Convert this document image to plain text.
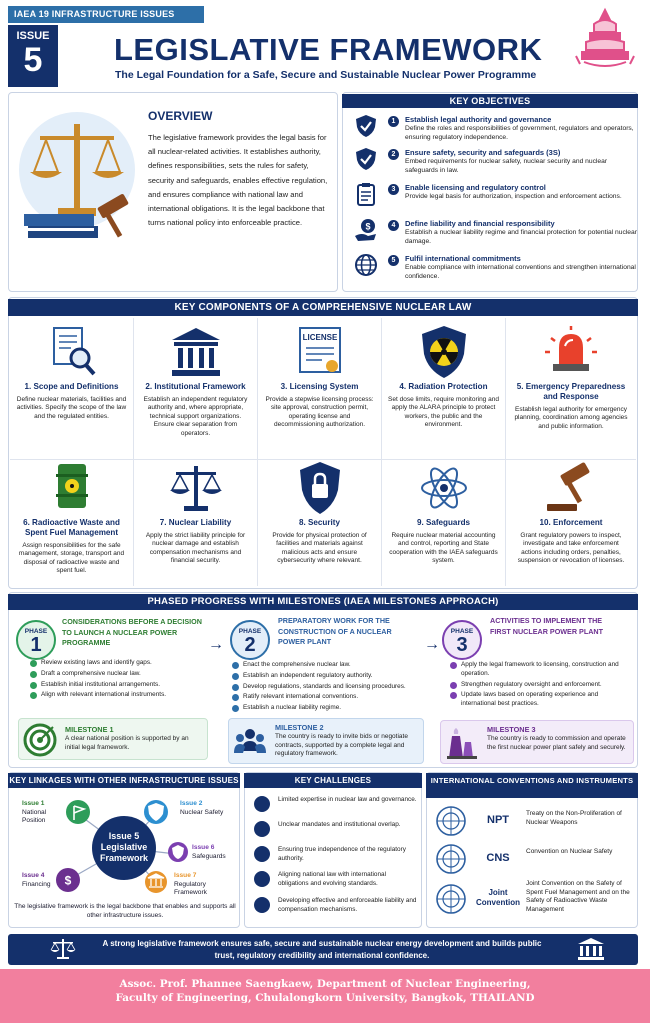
IAEA 19 INFRASTRUCTURE ISSUES
ISSUE
5	LEGISLATIVE FRAMEWORK
The Legal Foundation for a Safe, Secure and Sustainable Nuclear Power Programme
OVERVIEW
The legislative framework provides the legal basis for all nuclear-related activities. It establishes authority, defines responsibilities, sets the rules for safety, security and safeguards, enables effective regulation, and ensures compliance with national law and international obligations. It is the legal backbone that turns national policy into enforceable practice.
KEY OBJECTIVES
1	Establish legal authority and governance
Define the roles and responsibilities of government, regulators and operators, ensuring regulatory independence.
2	Ensure safety, security and safeguards (3S)
Embed requirements for nuclear safety, nuclear security and nuclear safeguards in law.
3	Enable licensing and regulatory control
Provide legal basis for authorization, inspection and enforcement actions.
$	4	Define liability and financial responsibility
Establish a nuclear liability regime and financial protection for potential nuclear damage.
5	Fulfil international commitments
Enable compliance with international conventions and strengthen international confidence.
KEY COMPONENTS OF A COMPREHENSIVE NUCLEAR LAW
1. Scope and Definitions
Define nuclear materials, facilities and activities. Specify the scope of the law and the regulated entities.
2. Institutional Framework
Establish an independent regulatory authority and, where appropriate, technical support organizations. Ensure clear separation from operators.
LICENSE
3. Licensing System
Provide a stepwise licensing process: site approval, construction permit, operating license and decommissioning authorization.
4. Radiation Protection
Set dose limits, require monitoring and apply the ALARA principle to protect workers, the public and the environment.
5. Emergency Preparedness and Response
Establish legal authority for emergency planning, coordination among agencies and public information.
6. Radioactive Waste and Spent Fuel Management
Assign responsibilities for the safe management, storage, transport and disposal of radioactive waste and spent fuel.
7. Nuclear Liability
Apply the strict liability principle for nuclear damage and establish compensation mechanisms and financial security.
8. Security
Provide for physical protection of facilities and materials against malicious acts and ensure cybersecurity where relevant.
9. Safeguards
Require nuclear material accounting and control, reporting and State cooperation with the IAEA safeguards system.
10. Enforcement
Grant regulatory powers to inspect, investigate and take enforcement actions including orders, penalties, suspension or revocation of licenses.
PHASED PROGRESS WITH MILESTONES (IAEA MILESTONES APPROACH)
PHASE
1
CONSIDERATIONS BEFORE A DECISION TO LAUNCH A NUCLEAR POWER PROGRAMME
Review existing laws and identify gaps.
Draft a comprehensive nuclear law.
Establish initial institutional arrangements.
Align with relevant international instruments.
MILESTONE 1
A clear national position is supported by an initial legal framework.
→
PHASE
2
PREPARATORY WORK FOR THE CONSTRUCTION OF A NUCLEAR POWER PLANT
Enact the comprehensive nuclear law.
Establish an independent regulatory authority.
Develop regulations, standards and licensing procedures.
Ratify relevant international conventions.
Establish a nuclear liability regime.
MILESTONE 2
The country is ready to invite bids or negotiate contracts, supported by a complete legal and regulatory framework.
→
PHASE
3
ACTIVITIES TO IMPLEMENT THE FIRST NUCLEAR POWER PLANT
Apply the legal framework to licensing, construction and operation.
Strengthen regulatory oversight and enforcement.
Update laws based on operating experience and international best practices.
MILESTONE 3
The country is ready to commission and operate the first nuclear power plant safely and securely.
KEY LINKAGES WITH OTHER INFRASTRUCTURE ISSUES
$
Issue 5 Legislative Framework
Issue 1
National Position
Issue 2
Nuclear Safety
Issue 6
Safeguards
Issue 4
Financing
Issue 7
Regulatory Framework
The legislative framework is the legal backbone that enables and supports all other infrastructure issues.
KEY CHALLENGES
Limited expertise in nuclear law and governance.
Unclear mandates and institutional overlap.
Ensuring true independence of the regulatory authority.
Aligning national law with international obligations and evolving standards.
Developing effective and enforceable liability and compensation mechanisms.
INTERNATIONAL CONVENTIONS AND INSTRUMENTS
NPT
Treaty on the Non-Proliferation of Nuclear Weapons
CNS
Convention on Nuclear Safety
Joint Convention
Joint Convention on the Safety of Spent Fuel Management and on the Safety of Radioactive Waste Management
A strong legislative framework ensures safe, secure and sustainable nuclear energy development and builds public trust, regulatory credibility and international confidence.
Assoc. Prof. Phannee Saengkaew, Department of Nuclear Engineering,
Faculty of Engineering, Chulalongkorn University, Bangkok, THAILAND
